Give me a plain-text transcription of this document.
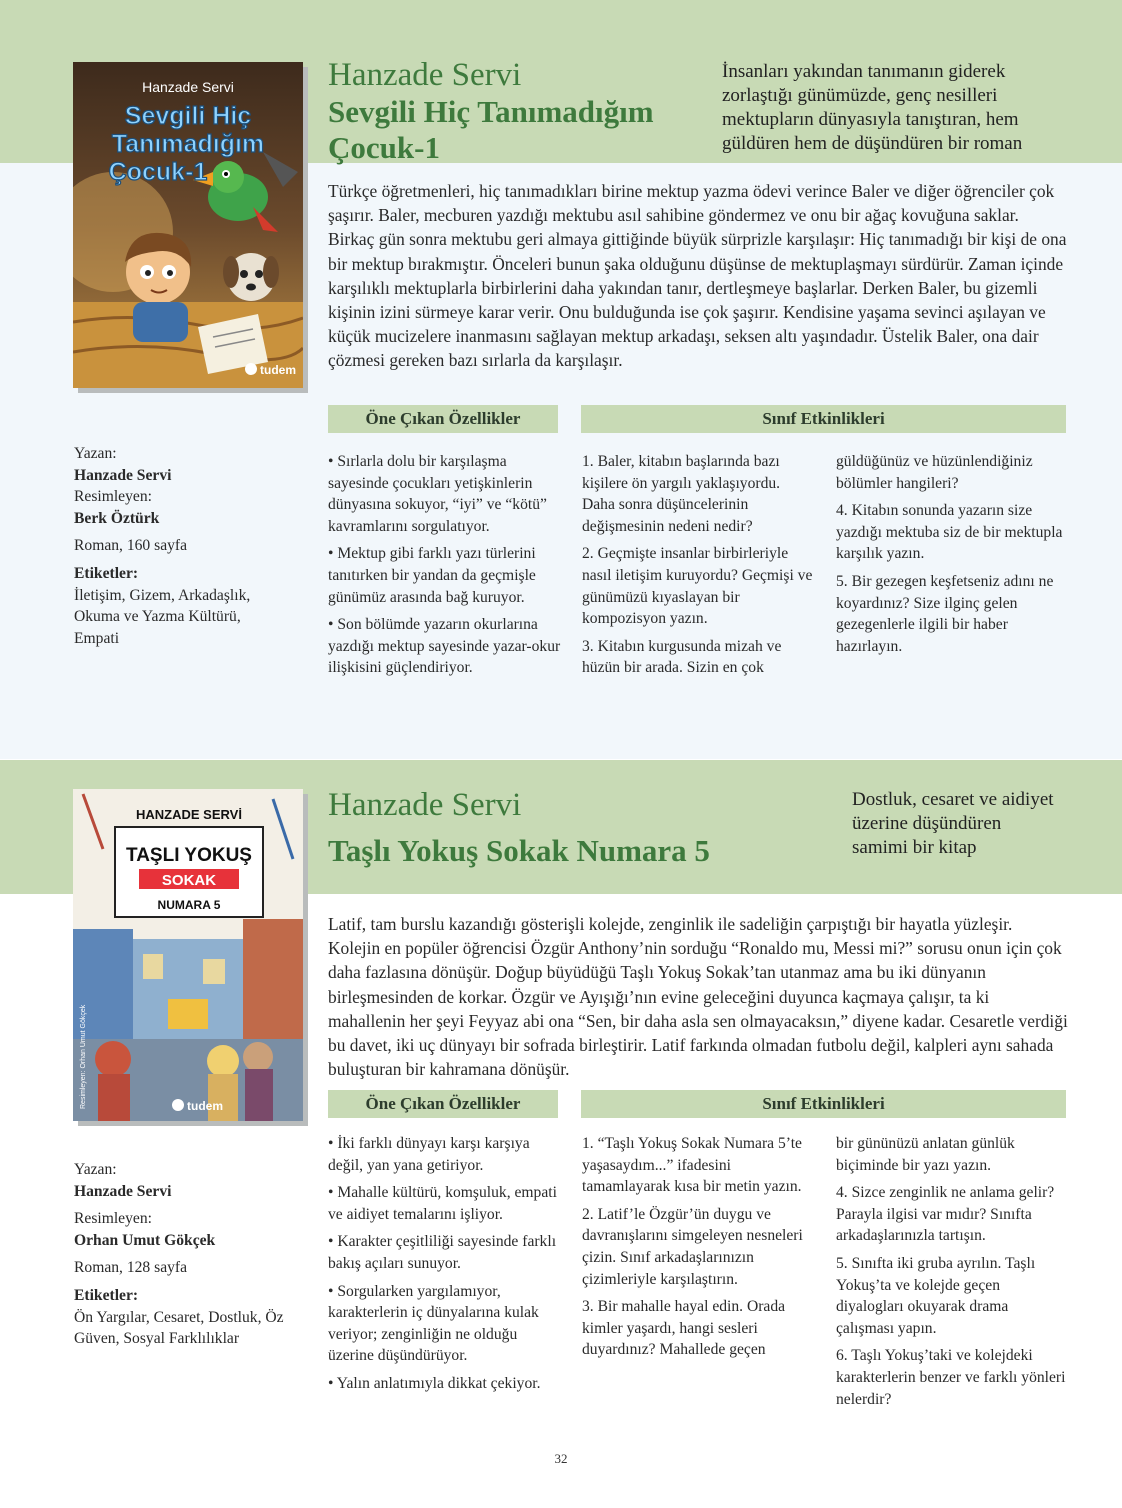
Hanzade Servi
Sevgili Hiç
Tanımadığım
Çocuk-1
tudem
Hanzade Servi
Sevgili Hiç Tanımadığım
Çocuk-1
İnsanları yakından tanımanın giderek
zorlaştığı günümüzde, genç nesilleri
mektupların dünyasıyla tanıştıran, hem
güldüren hem de düşündüren bir roman
Türkçe öğretmenleri, hiç tanımadıkları birine mektup yazma ödevi verince Baler ve diğer öğrenciler çok şaşırır. Baler, mecburen yazdığı mektubu asıl sahibine göndermez ve onu bir ağaç kovuğuna saklar. Birkaç gün sonra mektubu geri almaya gittiğinde büyük sürprizle karşılaşır: Hiç tanımadığı bir kişi de ona bir mektup bırakmıştır. Önceleri bunun şaka olduğunu düşünse de mektuplaşmayı sürdürür. Zaman içinde karşılıklı mektuplarla birbirlerini daha yakından tanır, dertleşmeye başlarlar. Derken Baler, bu gizemli kişinin izini sürmeye karar verir. Onu bulduğunda ise çok şaşırır. Kendisine yaşama sevinci aşılayan ve küçük mucizelere inanmasını sağlayan mektup arkadaşı, seksen altı yaşındadır. Üstelik Baler, ona dair çözmesi gereken bazı sırlarla da karşılaşır.
Öne Çıkan Özellikler	Sınıf Etkinlikleri

• Sırlarla dolu bir karşılaşma sayesinde çocukları yetişkinlerin dünyasına sokuyor, “iyi” ve “kötü” kavramlarını sorgulatıyor.

• Mektup gibi farklı yazı türlerini tanıtırken bir yandan da geçmişle günümüz arasında bağ kuruyor.

• Son bölümde yazarın okurlarına yazdığı mektup sayesinde yazar-okur ilişkisini güçlendiriyor.

1. Baler, kitabın başlarında bazı kişilere ön yargılı yaklaşıyordu. Daha sonra düşüncelerinin değişmesinin nedeni nedir?

2. Geçmişte insanlar birbirleriyle nasıl iletişim kuruyordu? Geçmişi ve günümüzü kıyaslayan bir kompozisyon yazın.

3. Kitabın kurgusunda mizah ve hüzün bir arada. Sizin en çok

güldüğünüz ve hüzünlendiğiniz bölümler hangileri?

4. Kitabın sonunda yazarın size yazdığı mektuba siz de bir mektupla karşılık yazın.

5. Bir gezegen keşfetseniz adını ne koyardınız? Size ilginç gelen gezegenlerle ilgili bir haber hazırlayın.

Yazan:
Hanzade Servi
Resimleyen:
Berk Öztürk
Roman, 160 sayfa
Etiketler:
İletişim, Gizem, Arkadaşlık, Okuma ve Yazma Kültürü, Empati
HANZADE SERVİ
TAŞLI YOKUŞ
SOKAK
NUMARA 5
Resimleyen: Orhan Umut Gökçek	tudem
Hanzade Servi
Taşlı Yokuş Sokak Numara 5
Dostluk, cesaret ve aidiyet
üzerine düşündüren
samimi bir kitap
Latif, tam burslu kazandığı gösterişli kolejde, zenginlik ile sadeliğin çarpıştığı bir hayatla yüzleşir. Kolejin en popüler öğrencisi Özgür Anthony’nin sorduğu “Ronaldo mu, Messi mi?” sorusu onun için çok daha fazlasına dönüşür. Doğup büyüdüğü Taşlı Yokuş Sokak’tan utanmaz ama bu iki dünyanın birleşmesinden de korkar. Özgür ve Ayışığı’nın evine geleceğini duyunca kaçmaya çalışır, ta ki mahallenin her şeyi Feyyaz abi ona “Sen, bir daha asla sen olmayacaksın,” diyene kadar. Cesaretle verdiği bu davet, iki uç dünyayı bir sofrada birleştirir. Latif farkında olmadan futbolu değil, kalpleri aynı sahada buluşturan bir kahramana dönüşür.
Öne Çıkan Özellikler	Sınıf Etkinlikleri

• İki farklı dünyayı karşı karşıya değil, yan yana getiriyor.

• Mahalle kültürü, komşuluk, empati ve aidiyet temalarını işliyor.

• Karakter çeşitliliği sayesinde farklı bakış açıları sunuyor.

• Sorgularken yargılamıyor, karakterlerin iç dünyalarına kulak veriyor; zenginliğin ne olduğu üzerine düşündürüyor.

• Yalın anlatımıyla dikkat çekiyor.

1. “Taşlı Yokuş Sokak Numara 5’te yaşasaydım...” ifadesini tamamlayarak kısa bir metin yazın.

2. Latif’le Özgür’ün duygu ve davranışlarını simgeleyen nesneleri çizin. Sınıf arkadaşlarınızın çizimleriyle karşılaştırın.

3. Bir mahalle hayal edin. Orada kimler yaşardı, hangi sesleri duyardınız? Mahallede geçen

bir gününüzü anlatan günlük biçiminde bir yazı yazın.

4. Sizce zenginlik ne anlama gelir? Parayla ilgisi var mıdır? Sınıfta arkadaşlarınızla tartışın.

5. Sınıfta iki gruba ayrılın. Taşlı Yokuş’ta ve kolejde geçen diyalogları okuyarak drama çalışması yapın.

6. Taşlı Yokuş’taki ve kolejdeki karakterlerin benzer ve farklı yönleri nelerdir?

Yazan:
Hanzade Servi
Resimleyen:
Orhan Umut Gökçek
Roman, 128 sayfa
Etiketler:
Ön Yargılar, Cesaret, Dostluk, Öz Güven, Sosyal Farklılıklar
32
